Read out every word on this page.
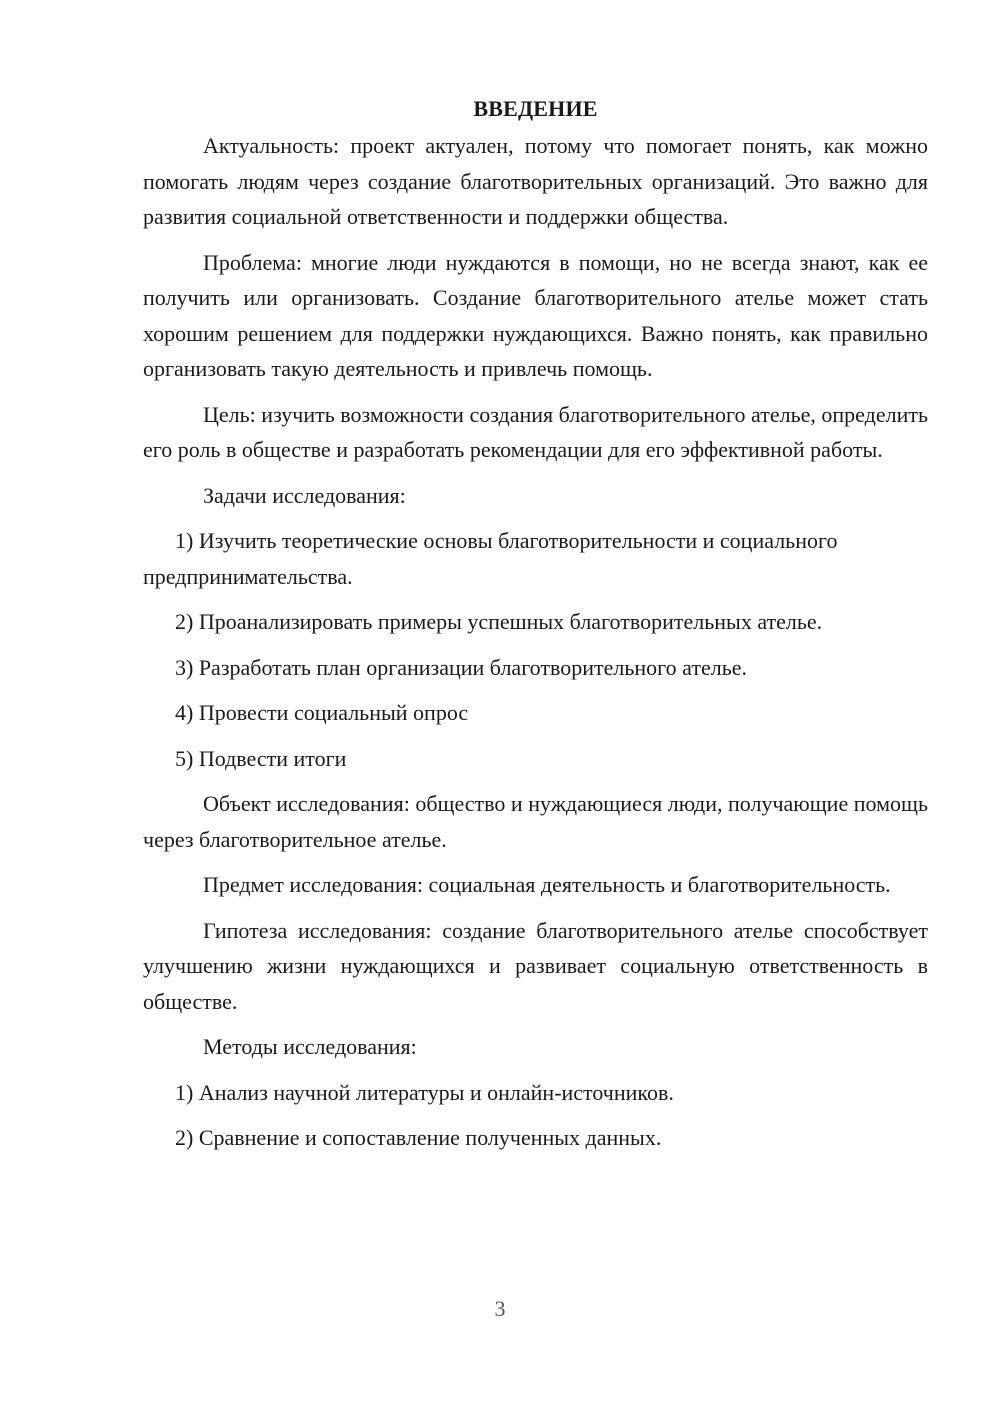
ВВЕДЕНИЕ

Актуальность: проект актуален, потому что помогает понять, как можно помогать людям через создание благотворительных организаций. Это важно для развития социальной ответственности и поддержки общества.

Проблема: многие люди нуждаются в помощи, но не всегда знают, как ее получить или организовать. Создание благотворительного ателье может стать хорошим решением для поддержки нуждающихся. Важно понять, как правильно организовать такую деятельность и привлечь помощь.

Цель: изучить возможности создания благотворительного ателье, определить его роль в обществе и разработать рекомендации для его эффективной работы.

Задачи исследования:

1) Изучить теоретические основы благотворительности и социального предпринимательства.

2) Проанализировать примеры успешных благотворительных ателье.

3) Разработать план организации благотворительного ателье.

4) Провести социальный опрос

5) Подвести итоги

Объект исследования: общество и нуждающиеся люди, получающие помощь через благотворительное ателье.

Предмет исследования: социальная деятельность и благотворительность.

Гипотеза исследования: создание благотворительного ателье способствует улучшению жизни нуждающихся и развивает социальную ответственность в обществе.

Методы исследования:

1) Анализ научной литературы и онлайн-источников.

2) Сравнение и сопоставление полученных данных.

3
